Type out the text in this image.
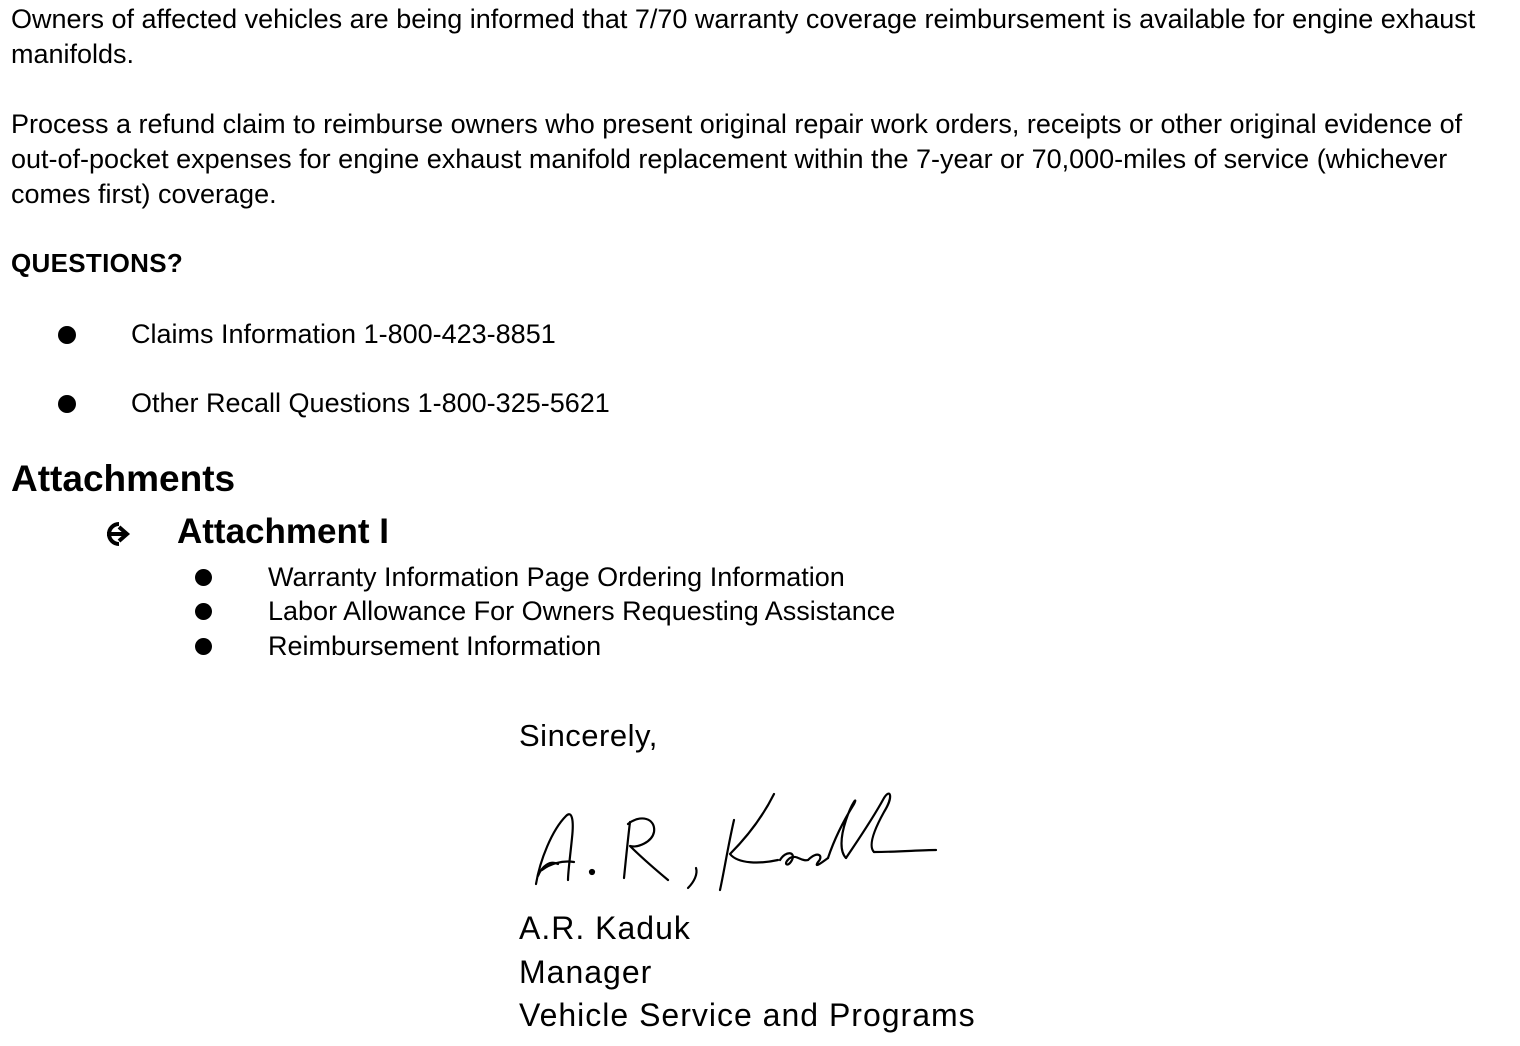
Owners of affected vehicles are being informed that 7/70 warranty coverage reimbursement is available for engine exhaust manifolds.

Process a refund claim to reimburse owners who present original repair work orders, receipts or other original evidence of out-of-pocket expenses for engine exhaust manifold replacement within the 7-year or 70,000-miles of service (whichever comes first) coverage.

QUESTIONS?
Claims Information 1-800-423-8851
Other Recall Questions 1-800-325-5621
Attachments
Attachment I
Warranty Information Page Ordering Information
Labor Allowance For Owners Requesting Assistance
Reimbursement Information

Sincerely,

A.R. Kaduk

Manager

Vehicle Service and Programs
